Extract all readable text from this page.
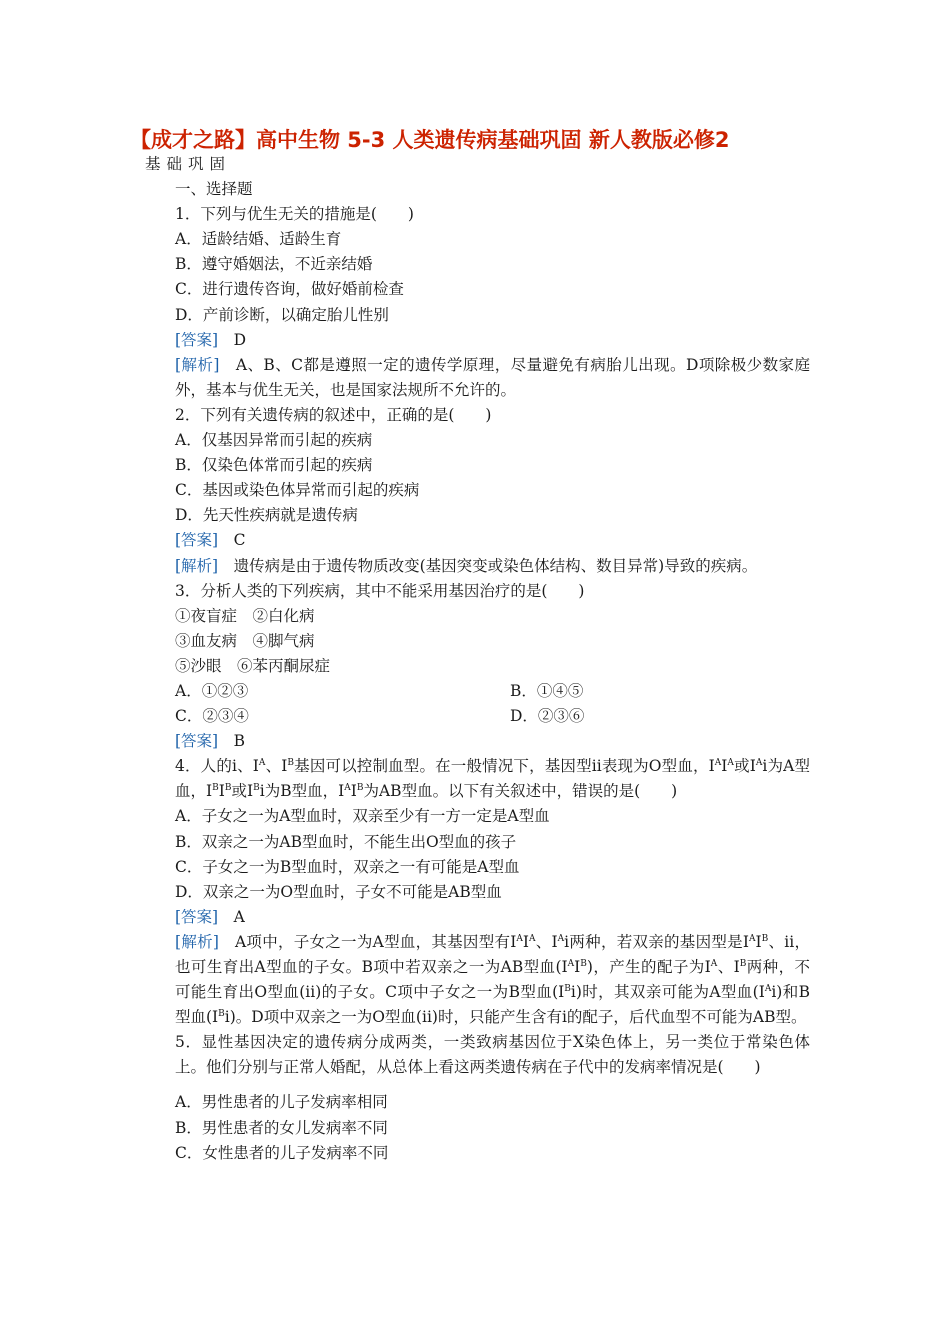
【成才之路】高中生物 5-3 人类遗传病基础巩固 新人教版必修2
基础巩固
一、选择题
1．下列与优生无关的措施是(　　)
A．适龄结婚、适龄生育
B．遵守婚姻法，不近亲结婚
C．进行遗传咨询，做好婚前检查
D．产前诊断，以确定胎儿性别
[答案]　 D
[解析]　 A、B、C都是遵照一定的遗传学原理，尽量避免有病胎儿出现。D项除极少数家庭外，基本与优生无关，也是国家法规所不允许的。
2．下列有关遗传病的叙述中，正确的是(　　)
A．仅基因异常而引起的疾病
B．仅染色体常而引起的疾病
C．基因或染色体异常而引起的疾病
D．先天性疾病就是遗传病
[答案]　 C
[解析]　 遗传病是由于遗传物质改变(基因突变或染色体结构、数目异常)导致的疾病。
3．分析人类的下列疾病，其中不能采用基因治疗的是(　　)
①夜盲症　②白化病
③血友病　④脚气病
⑤沙眼　⑥苯丙酮尿症
A．①②③	B．①④⑤
C．②③④	D．②③⑥
[答案]　 B
4．人的i、$I^A$、$I^B$基因可以控制血型。在一般情况下，基因型ii表现为O型血，$I^AI^A$或$I^Ai$为A型血，$I^BI^B$或$I^Bi$为B型血，$I^AI^B$为AB型血。以下有关叙述中，错误的是(　　)
A．子女之一为A型血时，双亲至少有一方一定是A型血
B．双亲之一为AB型血时，不能生出O型血的孩子
C．子女之一为B型血时，双亲之一有可能是A型血
D．双亲之一为O型血时，子女不可能是AB型血
[答案]　 A
[解析]　A项中，子女之一为A型血，其基因型有$I^AI^A$、$I^Ai$两种，若双亲的基因型是$I^AI^B$、ii，也可生育出A型血的子女。B项中若双亲之一为AB型血$(I^AI^B)$，产生的配子为$I^A$、$I^B$两种，不可能生育出O型血(ii)的子女。C项中子女之一为B型血$(I^Bi)$时，其双亲可能为A型血$(I^Ai)$和B型血$(I^Bi)$。D项中双亲之一为O型血(ii)时，只能产生含有i的配子，后代血型不可能为AB型。
5．显性基因决定的遗传病分成两类，一类致病基因位于X染色体上，另一类位于常染色体上。他们分别与正常人婚配，从总体上看这两类遗传病在子代中的发病率情况是(　　)
A．男性患者的儿子发病率相同
B．男性患者的女儿发病率不同
C．女性患者的儿子发病率不同
